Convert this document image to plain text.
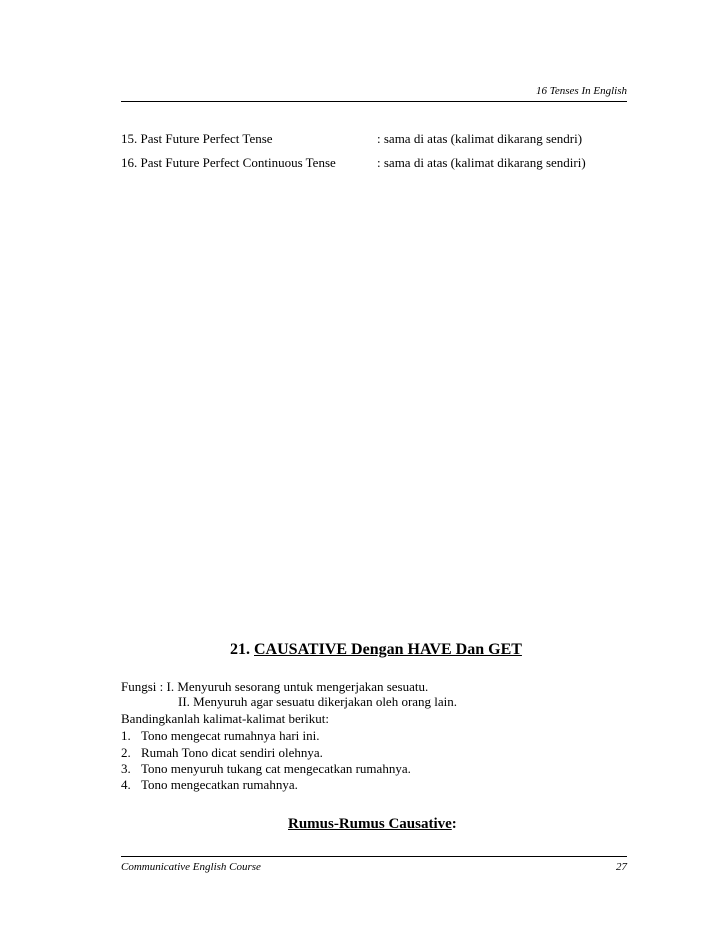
16 Tenses In English
15. Past Future Perfect Tense	: sama di atas (kalimat dikarang sendri)
16. Past Future Perfect Continuous Tense	: sama di atas (kalimat dikarang sendiri)
21. CAUSATIVE Dengan HAVE Dan GET
Fungsi : I. Menyuruh sesorang untuk mengerjakan sesuatu.
II. Menyuruh agar sesuatu dikerjakan oleh orang lain.
Bandingkanlah kalimat-kalimat berikut:
1. Tono mengecat rumahnya hari ini.
2. Rumah Tono dicat sendiri olehnya.
3. Tono menyuruh tukang cat mengecatkan rumahnya.
4. Tono mengecatkan rumahnya.
Rumus-Rumus Causative:
Communicative English Course	27
